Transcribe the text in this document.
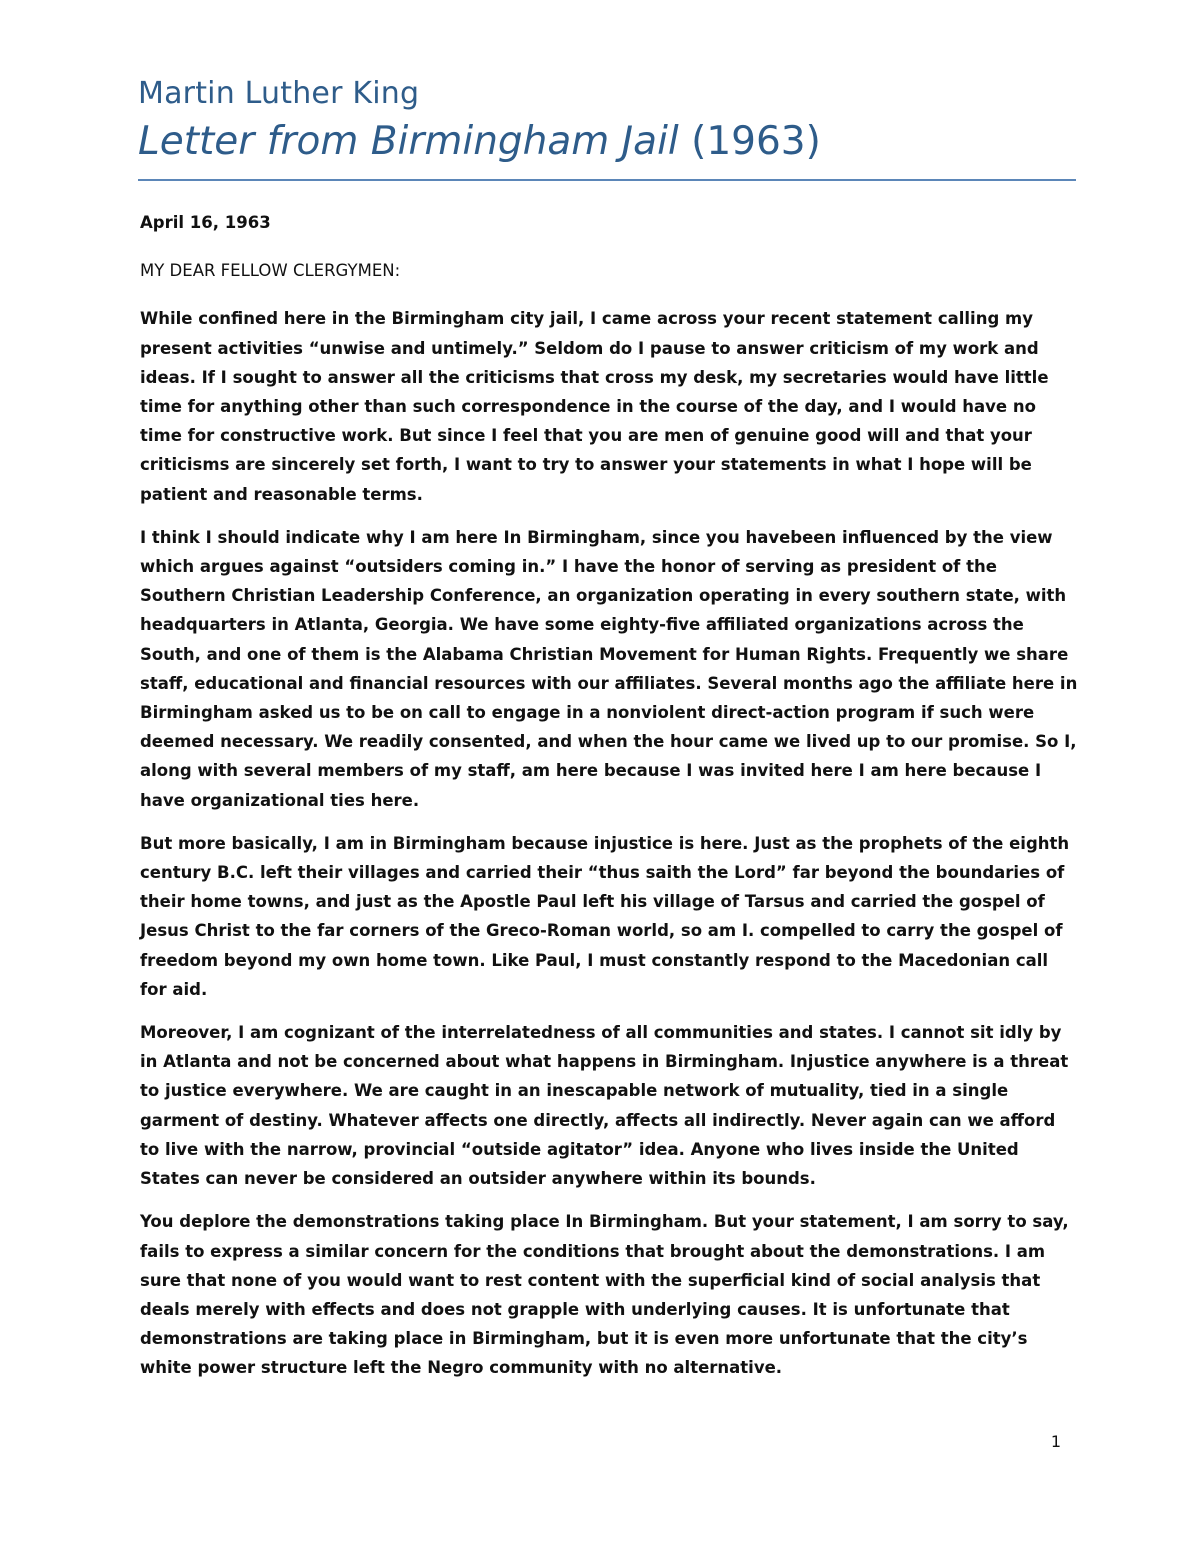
Martin Luther King
Letter from Birmingham Jail (1963)

April 16, 1963

MY DEAR FELLOW CLERGYMEN:

While confined here in the Birmingham city jail, I came across your recent statement calling my present activities “unwise and untimely.” Seldom do I pause to answer criticism of my work and ideas. If I sought to answer all the criticisms that cross my desk, my secretaries would have little time for anything other than such correspondence in the course of the day, and I would have no time for constructive work. But since I feel that you are men of genuine good will and that your criticisms are sincerely set forth, I want to try to answer your statements in what I hope will be patient and reasonable terms.

I think I should indicate why I am here In Birmingham, since you havebeen influenced by the view which argues against “outsiders coming in.” I have the honor of serving as president of the Southern Christian Leadership Conference, an organization operating in every southern state, with headquarters in Atlanta, Georgia. We have some eighty-five affiliated organizations across the South, and one of them is the Alabama Christian Movement for Human Rights. Frequently we share staff, educational and financial resources with our affiliates. Several months ago the affiliate here in Birmingham asked us to be on call to engage in a nonviolent direct-action program if such were deemed necessary. We readily consented, and when the hour came we lived up to our promise. So I, along with several members of my staff, am here because I was invited here I am here because I have organizational ties here.

But more basically, I am in Birmingham because injustice is here. Just as the prophets of the eighth century B.C. left their villages and carried their “thus saith the Lord” far beyond the boundaries of their home towns, and just as the Apostle Paul left his village of Tarsus and carried the gospel of Jesus Christ to the far corners of the Greco-Roman world, so am I. compelled to carry the gospel of freedom beyond my own home town. Like Paul, I must constantly respond to the Macedonian call for aid.

Moreover, I am cognizant of the interrelatedness of all communities and states. I cannot sit idly by in Atlanta and not be concerned about what happens in Birmingham. Injustice anywhere is a threat to justice everywhere. We are caught in an inescapable network of mutuality, tied in a single garment of destiny. Whatever affects one directly, affects all indirectly. Never again can we afford to live with the narrow, provincial “outside agitator” idea. Anyone who lives inside the United States can never be considered an outsider anywhere within its bounds.

You deplore the demonstrations taking place In Birmingham. But your statement, I am sorry to say, fails to express a similar concern for the conditions that brought about the demonstrations. I am sure that none of you would want to rest content with the superficial kind of social analysis that deals merely with effects and does not grapple with underlying causes. It is unfortunate that demonstrations are taking place in Birmingham, but it is even more unfortunate that the city’s white power structure left the Negro community with no alternative.

1
